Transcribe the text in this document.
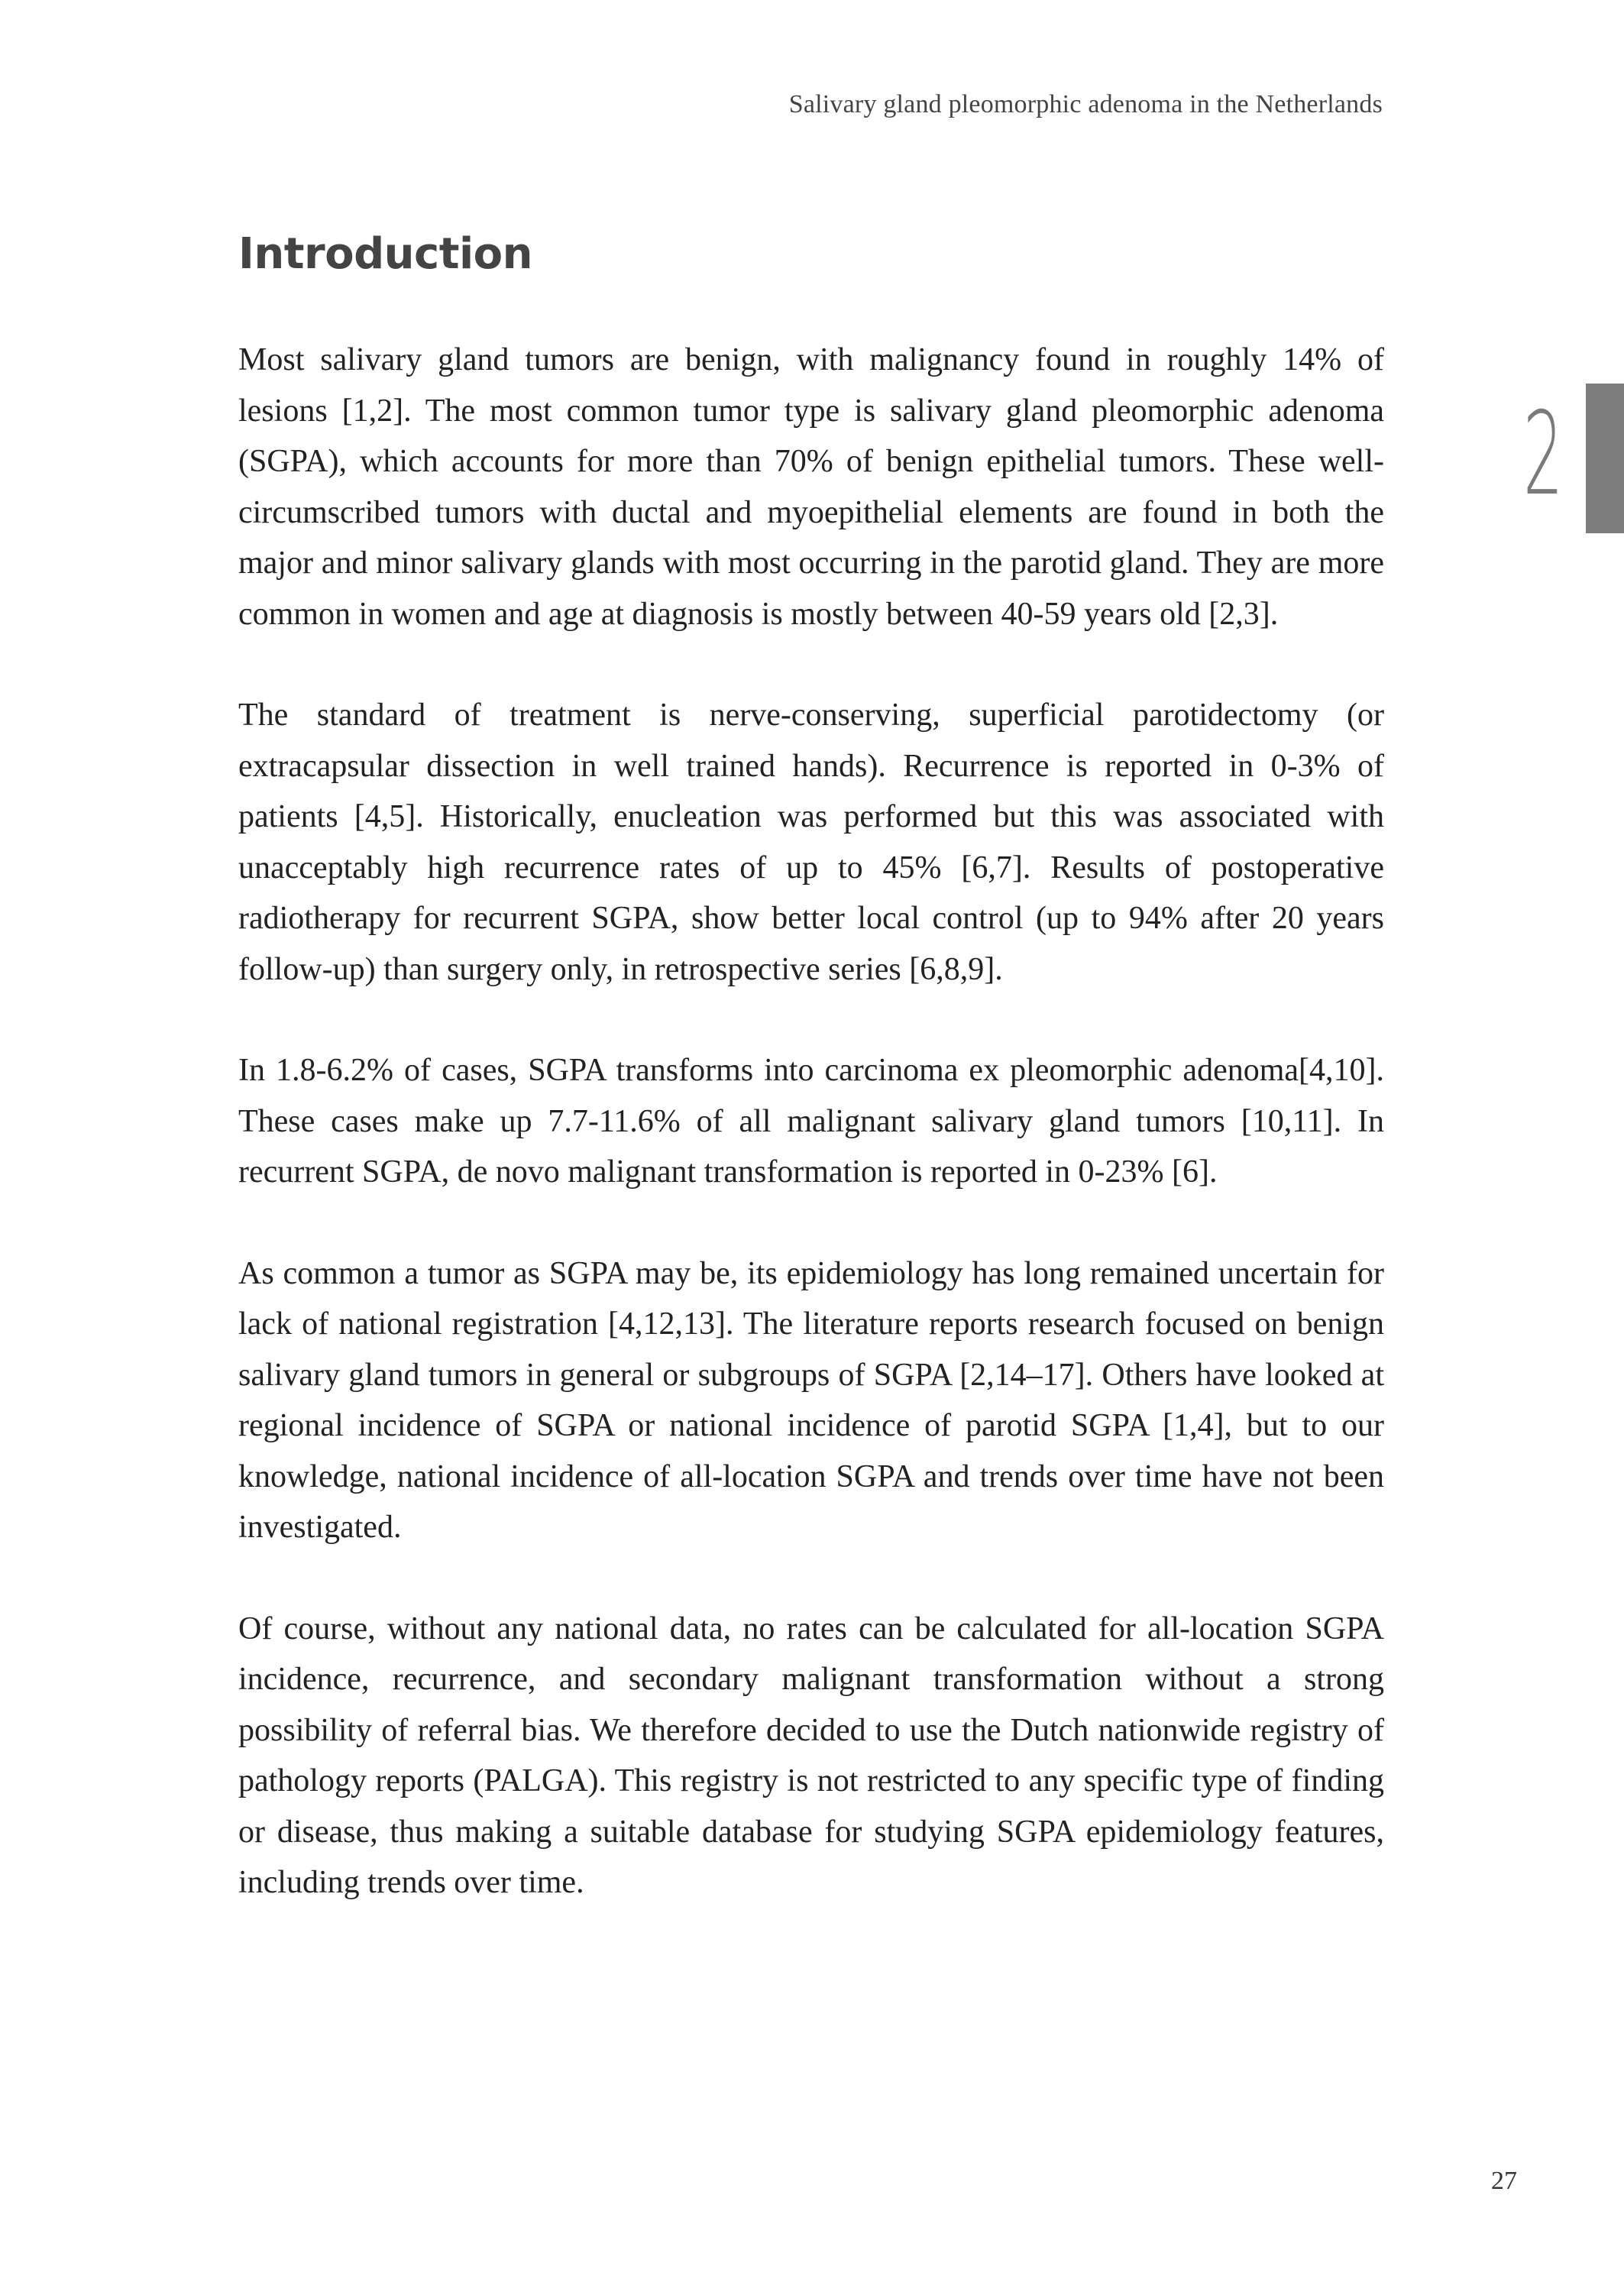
Salivary gland pleomorphic adenoma in the Netherlands
Introduction
2

Most salivary gland tumors are benign, with malignancy found in roughly 14% of lesions [1,2]. The most common tumor type is salivary gland pleomorphic adenoma (SGPA), which accounts for more than 70% of benign epithelial tumors. These well-circumscribed tumors with ductal and myoepithelial elements are found in both the major and minor salivary glands with most occurring in the parotid gland. They are more common in women and age at diagnosis is mostly between 40-59 years old [2,3].

The standard of treatment is nerve-conserving, superficial parotidectomy (or extracapsular dissection in well trained hands). Recurrence is reported in 0-3% of patients [4,5]. Historically, enucleation was performed but this was associated with unacceptably high recurrence rates of up to 45% [6,7]. Results of postoperative radiotherapy for recurrent SGPA, show better local control (up to 94% after 20 years follow-up) than surgery only, in retrospective series [6,8,9].

In 1.8-6.2% of cases, SGPA transforms into carcinoma ex pleomorphic adenoma[4,10]. These cases make up 7.7-11.6% of all malignant salivary gland tumors [10,11]. In recurrent SGPA, de novo malignant transformation is reported in 0-23% [6].

As common a tumor as SGPA may be, its epidemiology has long remained uncertain for lack of national registration [4,12,13]. The literature reports research focused on benign salivary gland tumors in general or subgroups of SGPA [2,14–17]. Others have looked at regional incidence of SGPA or national incidence of parotid SGPA [1,4], but to our knowledge, national incidence of all-location SGPA and trends over time have not been investigated.

Of course, without any national data, no rates can be calculated for all-location SGPA incidence, recurrence, and secondary malignant transformation without a strong possibility of referral bias. We therefore decided to use the Dutch nationwide registry of pathology reports (PALGA). This registry is not restricted to any specific type of finding or disease, thus making a suitable database for studying SGPA epidemiology features, including trends over time.

27
